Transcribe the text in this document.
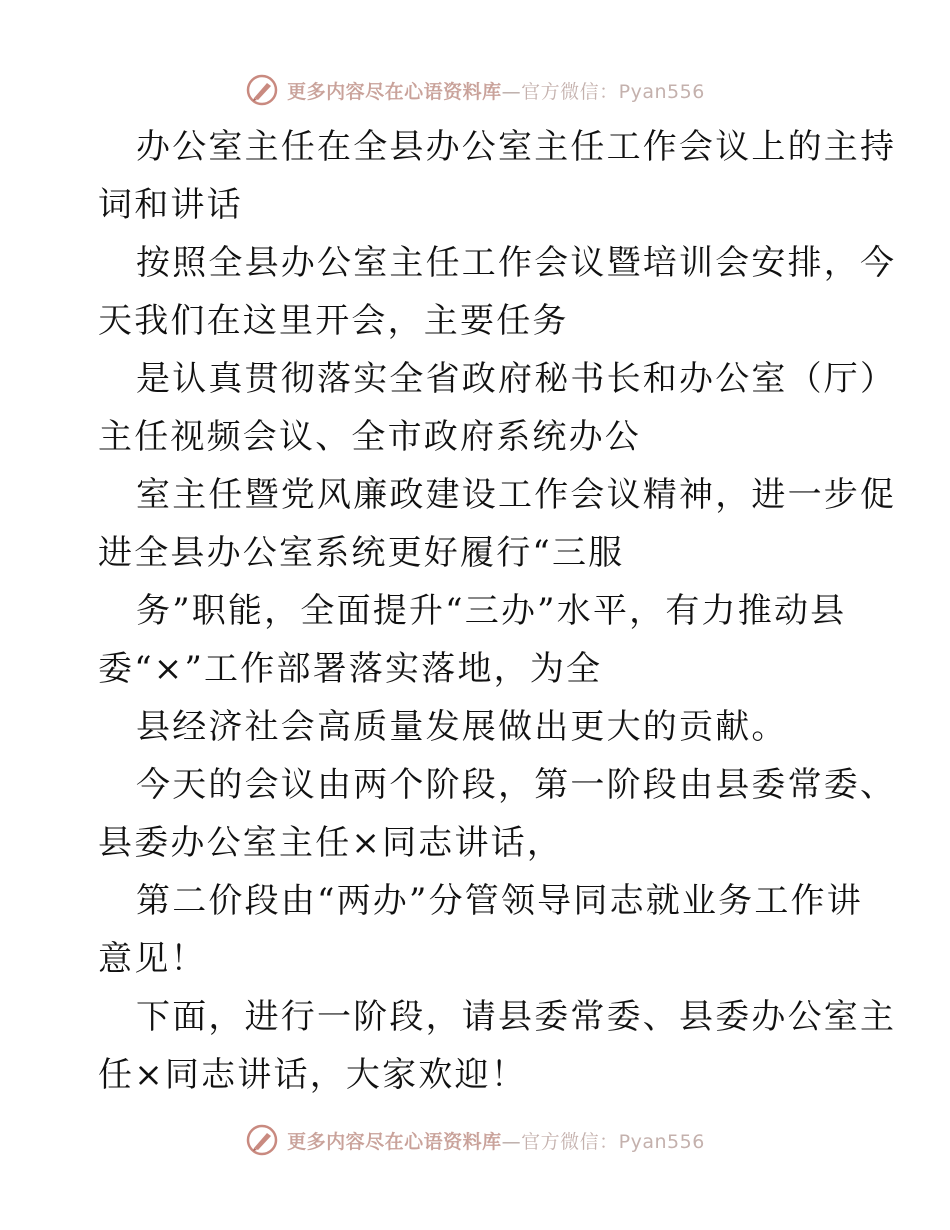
更多内容尽在心语资料库—官方微信：Pyan556

办公室主任在全县办公室主任工作会议上的主持
词和讲话

按照全县办公室主任工作会议暨培训会安排，今
天我们在这里开会，主要任务

是认真贯彻落实全省政府秘书长和办公室（厅）
主任视频会议、全市政府系统办公

室主任暨党风廉政建设工作会议精神，进一步促
进全县办公室系统更好履行“三服

务”职能，全面提升“三办”水平，有力推动县
委“×”工作部署落实落地，为全

县经济社会高质量发展做出更大的贡献。

今天的会议由两个阶段，第一阶段由县委常委、
县委办公室主任×同志讲话，

第二价段由“两办”分管领导同志就业务工作讲
意见！

下面，进行一阶段，请县委常委、县委办公室主
任×同志讲话，大家欢迎！

更多内容尽在心语资料库—官方微信：Pyan556
